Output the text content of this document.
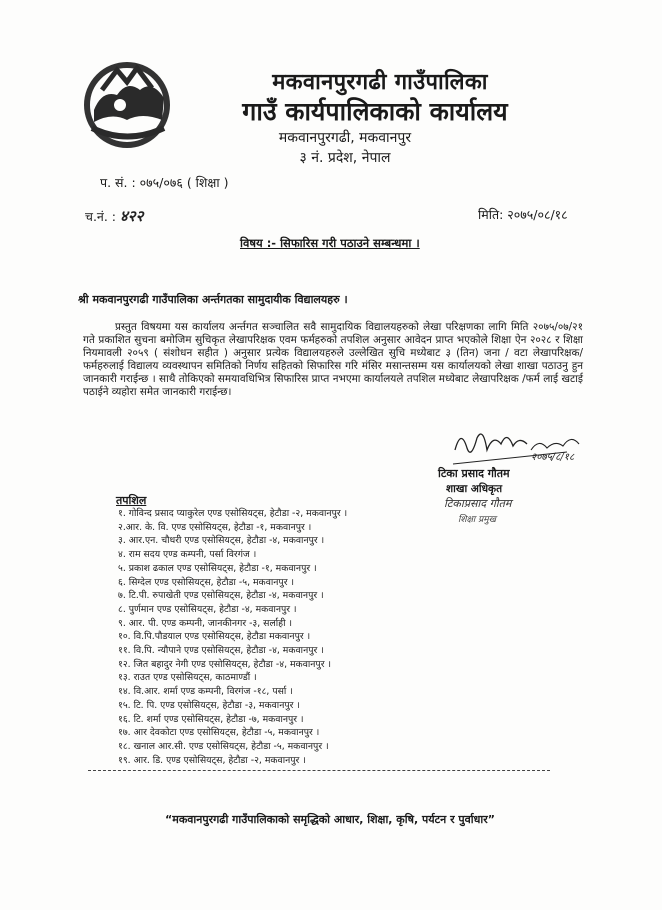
मकवानपुरगढी गाउँपालिका
गाउँ कार्यपालिकाको कार्यालय
मकवानपुरगढी, मकवानपुर
३ नं. प्रदेश, नेपाल
प. सं. : ०७५/०७६ ( शिक्षा )
च.नं. : ४२२	मिति: २०७५/०८/१८
विषय :- सिफारिस गरी पठाउने सम्बन्धमा ।
श्री मकवानपुरगढी गाउँपालिका अर्न्तगतका सामुदायीक विद्यालयहरु ।

प्रस्तुत विषयमा यस कार्यालय अर्न्तगत सञ्चालित सवै सामुदायिक विद्यालयहरुको लेखा परिक्षणका लागि मिति २०७५/०७/२१ गते प्रकाशित सुचना बमोजिम सुचिकृत लेखापरिक्षक एवम फर्महरुको तपशिल अनुसार आवेदन प्राप्त भएकोले शिक्षा ऐन २०२८ र शिक्षा नियमावली २०५९ ( संशोधन सहीत ) अनुसार प्रत्येक विद्यालयहरुले उल्लेखित सुचि मध्येबाट ३ (तिन) जना / वटा लेखापरिक्षक/ फर्महरुलाई विद्यालय व्यवस्थापन समितिको निर्णय सहितको सिफारिस गरि मंसिर मसान्तसम्म यस कार्यालयको लेखा शाखा पठाउनु हुन जानकारी गराईन्छ । साथै तोकिएको समयावधिभित्र सिफारिस प्राप्त नभएमा कार्यालयले तपशिल मध्येबाट लेखापरिक्षक /फर्म लाई खटाई पठाईने व्यहोरा समेत जानकारी गराईन्छ।

२०७५/८/१८
टिका प्रसाद गौतम
शाखा अधिकृत
टिकाप्रसाद गौतम
शिक्षा प्रमुख
तपशिल
१. गोविन्द प्रसाद प्याकुरेल एण्ड एसोसियट्स, हेटौडा -२, मकवानपुर ।
२.आर. के. वि. एण्ड एसोसियट्स, हेटौडा -१, मकवानपुर ।
३. आर.एन. चौधरी एण्ड एसोसियट्स, हेटौडा -४, मकवानपुर ।
४. राम सदय एण्ड कम्पनी, पर्सा विरगंज ।
५. प्रकाश ढकाल एण्ड एसोसियट्स, हेटौडा -१, मकवानपुर ।
६. सिग्देल एण्ड एसोसियट्स, हेटौडा -५, मकवानपुर ।
७. टि.पी. रुपाखेती एण्ड एसोसियट्स, हेटौडा -४, मकवानपुर ।
८. पुर्णमान एण्ड एसोसियट्स, हेटौडा -४, मकवानपुर ।
९. आर. पी. एण्ड कम्पनी, जानकीनगर -३, सर्लाही ।
१०. वि.पि.पौडयाल एण्ड एसोसियट्स, हेटौडा मकवानपुर ।
११. वि.पि. न्यौपाने एण्ड एसोसियट्स, हेटौडा -४, मकवानपुर ।
१२. जित बहादुर नेगी एण्ड एसोसियट्स, हेटौडा -४, मकवानपुर ।
१३. राउत एण्ड एसोसियट्स, काठमाण्डौं ।
१४. वि.आर. शर्मा एण्ड कम्पनी, विरगंज -१८, पर्सा ।
१५. टि. पि. एण्ड एसोसियट्स, हेटौडा -३, मकवानपुर ।
१६. टि. शर्मा एण्ड एसोसियट्स, हेटौडा -७, मकवानपुर ।
१७. आर देवकोटा एण्ड एसोसियट्स, हेटौडा -५, मकवानपुर ।
१८. खनाल आर.सी. एण्ड एसोसियट्स, हेटौडा -५, मकवानपुर ।
१९. आर. डि. एण्ड एसोसियट्स, हेटौडा -२, मकवानपुर ।
“मकवानपुरगढी गाउँपालिकाको समृद्धिको आधार, शिक्षा, कृषि, पर्यटन र पुर्वाधार”
